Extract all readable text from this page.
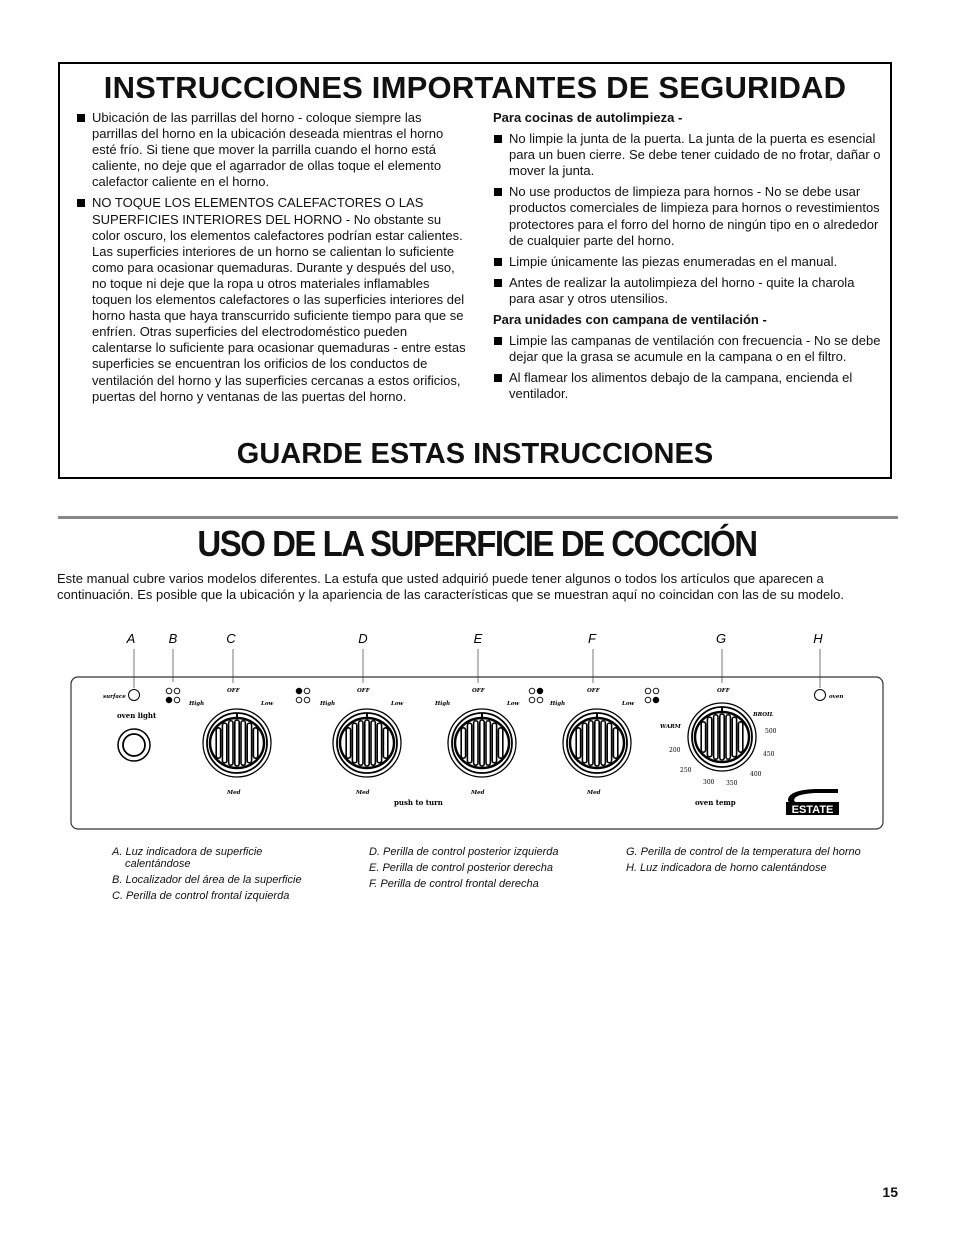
INSTRUCCIONES IMPORTANTES DE SEGURIDAD
Ubicación de las parrillas del horno - coloque siempre las parrillas del horno en la ubicación deseada mientras el horno esté frío. Si tiene que mover la parrilla cuando el horno está caliente, no deje que el agarrador de ollas toque el elemento calefactor caliente en el horno.
NO TOQUE LOS ELEMENTOS CALEFACTORES O LAS SUPERFICIES INTERIORES DEL HORNO - No obstante su color oscuro, los elementos calefactores podrían estar calientes. Las superficies interiores de un horno se calientan lo suficiente como para ocasionar quemaduras. Durante y después del uso, no toque ni deje que la ropa u otros materiales inflamables toquen los elementos calefactores o las superficies interiores del horno hasta que haya transcurrido suficiente tiempo para que se enfríen. Otras superficies del electrodoméstico pueden calentarse lo suficiente para ocasionar quemaduras - entre estas superficies se encuentran los orificios de los conductos de ventilación del horno y las superficies cercanas a estos orificios, puertas del horno y ventanas de las puertas del horno.
Para cocinas de autolimpieza -
No limpie la junta de la puerta. La junta de la puerta es esencial para un buen cierre. Se debe tener cuidado de no frotar, dañar o mover la junta.
No use productos de limpieza para hornos - No se debe usar productos comerciales de limpieza para hornos o revestimientos protectores para el forro del horno de ningún tipo en o alrededor de cualquier parte del horno.
Limpie únicamente las piezas enumeradas en el manual.
Antes de realizar la autolimpieza del horno - quite la charola para asar y otros utensilios.
Para unidades con campana de ventilación -
Limpie las campanas de ventilación con frecuencia - No se debe dejar que la grasa se acumule en la campana o en el filtro.
Al flamear los alimentos debajo de la campana, encienda el ventilador.
GUARDE ESTAS INSTRUCCIONES
USO DE LA SUPERFICIE DE COCCIÓN
Este manual cubre varios modelos diferentes. La estufa que usted adquirió puede tener algunos o todos los artículos que aparecen a continuación. Es posible que la ubicación y la apariencia de las características que se muestran aquí no coincidan con las de su modelo.
A	B	C	D	E	F	G	H
surface
oven light
OFF
High	Low
Med
OFF
High	Low
Med
OFF
High	Low
Med
OFF
High	Low
Med
push to turn
OFF
WARM
BROIL
200
250
300 350
400
450
500
oven temp
oven
ESTATE
A. Luz indicadora de superficie calentándose
B. Localizador del área de la superficie
C. Perilla de control frontal izquierda
D. Perilla de control posterior izquierda
E. Perilla de control posterior derecha
F. Perilla de control frontal derecha
G. Perilla de control de la temperatura del horno
H. Luz indicadora de horno calentándose
15
